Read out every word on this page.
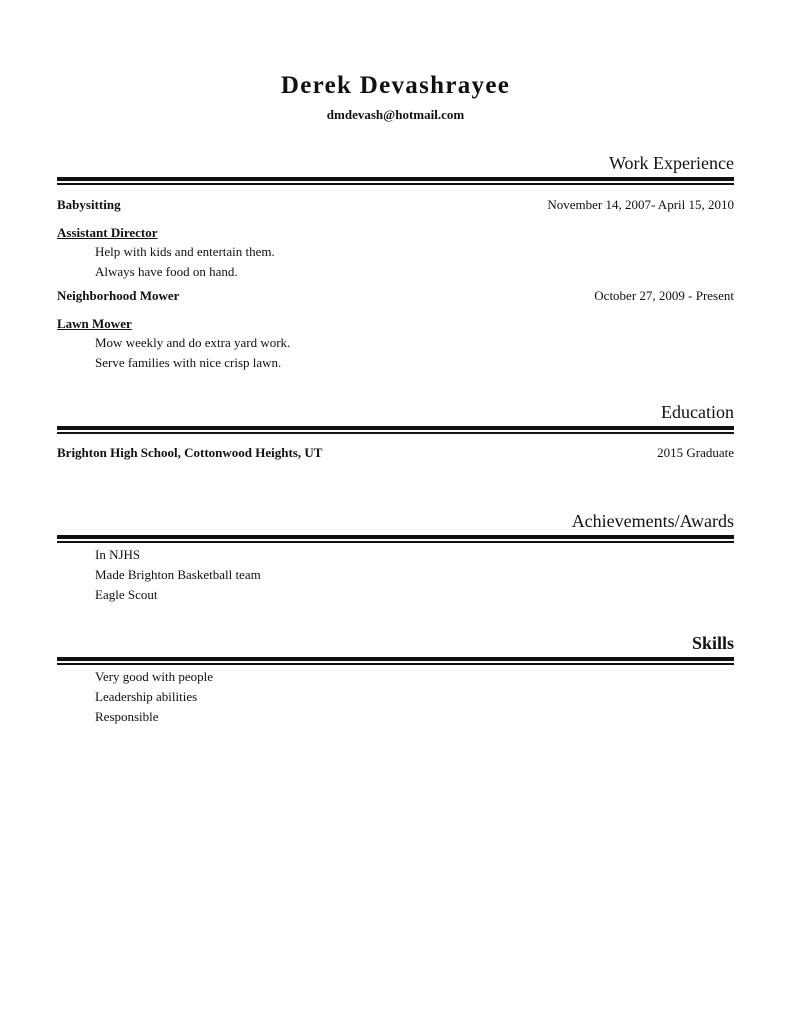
Derek Devashrayee
dmdevash@hotmail.com
Work Experience
Babysitting	November 14, 2007- April 15, 2010
Assistant Director
Help with kids and entertain them.
Always have food on hand.
Neighborhood Mower	October 27, 2009 - Present
Lawn Mower
Mow weekly and do extra yard work.
Serve families with nice crisp lawn.
Education
Brighton High School, Cottonwood Heights, UT	2015 Graduate
Achievements/Awards
In NJHS
Made Brighton Basketball team
Eagle Scout
Skills
Very good with people
Leadership abilities
Responsible
